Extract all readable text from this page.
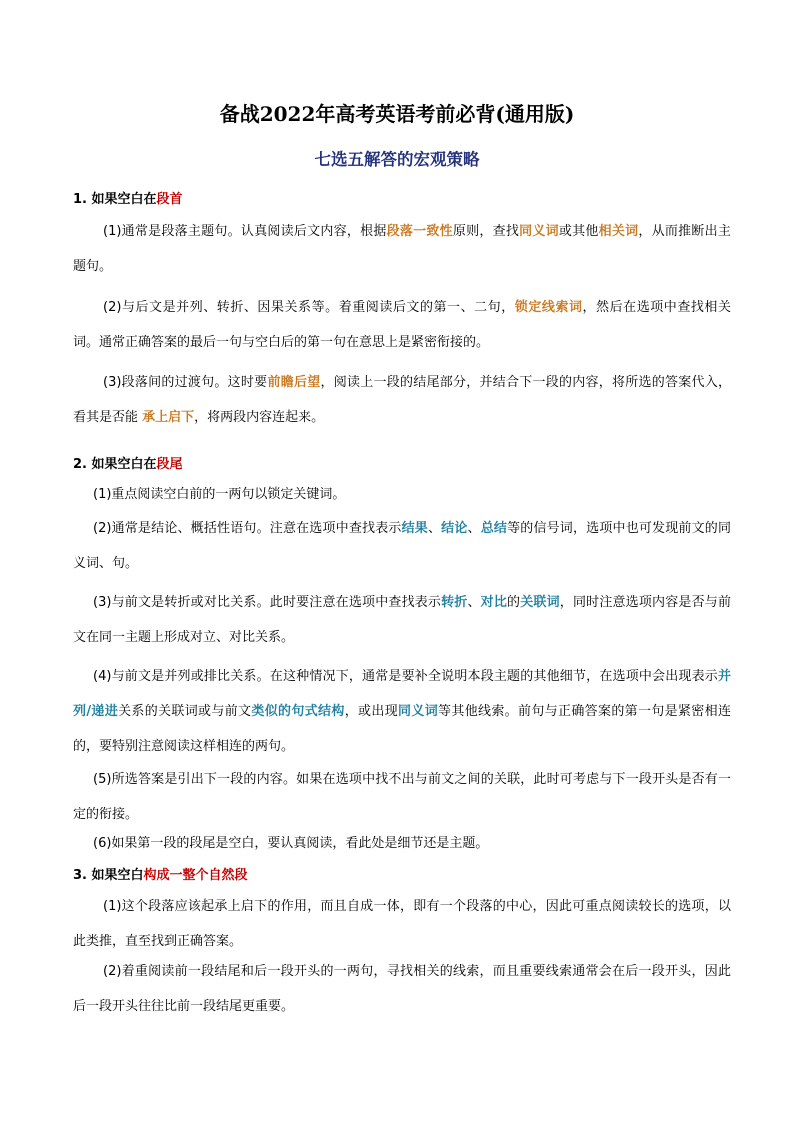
备战2022年高考英语考前必背(通用版)
七选五解答的宏观策略
1. 如果空白在段首
(1)通常是段落主题句。认真阅读后文内容，根据段落一致性原则，查找同义词或其他相关词，从而推断出主题句。
(2)与后文是并列、转折、因果关系等。着重阅读后文的第一、二句，锁定线索词，然后在选项中查找相关词。通常正确答案的最后一句与空白后的第一句在意思上是紧密衔接的。
(3)段落间的过渡句。这时要前瞻后望，阅读上一段的结尾部分，并结合下一段的内容，将所选的答案代入，看其是否能 承上启下，将两段内容连起来。
2. 如果空白在段尾
(1)重点阅读空白前的一两句以锁定关键词。
(2)通常是结论、概括性语句。注意在选项中查找表示结果、结论、总结等的信号词，选项中也可发现前文的同义词、句。
(3)与前文是转折或对比关系。此时要注意在选项中查找表示转折、对比的关联词，同时注意选项内容是否与前文在同一主题上形成对立、对比关系。
(4)与前文是并列或排比关系。在这种情况下，通常是要补全说明本段主题的其他细节，在选项中会出现表示并列/递进关系的关联词或与前文类似的句式结构，或出现同义词等其他线索。前句与正确答案的第一句是紧密相连的，要特别注意阅读这样相连的两句。
(5)所选答案是引出下一段的内容。如果在选项中找不出与前文之间的关联，此时可考虑与下一段开头是否有一定的衔接。
(6)如果第一段的段尾是空白，要认真阅读，看此处是细节还是主题。
3. 如果空白构成一整个自然段
(1)这个段落应该起承上启下的作用，而且自成一体，即有一个段落的中心，因此可重点阅读较长的选项，以此类推，直至找到正确答案。
(2)着重阅读前一段结尾和后一段开头的一两句，寻找相关的线索，而且重要线索通常会在后一段开头，因此后一段开头往往比前一段结尾更重要。
